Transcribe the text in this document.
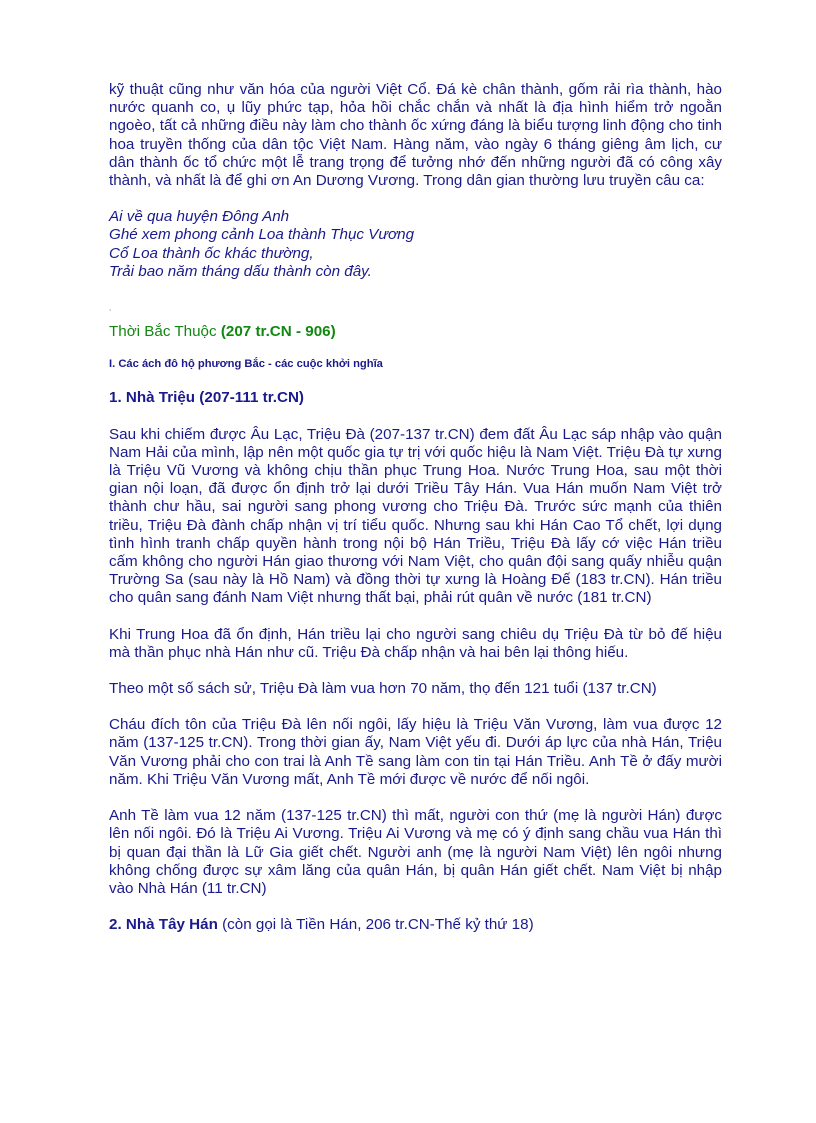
kỹ thuật cũng như văn hóa của người Việt Cổ. Đá kè chân thành, gốm rải rìa thành, hào nước quanh co, ụ lũy phức tạp, hỏa hồi chắc chắn và nhất là địa hình hiểm trở ngoằn ngoèo, tất cả những điều này làm cho thành ốc xứng đáng là biểu tượng linh động cho tinh hoa truyền thống của dân tộc Việt Nam. Hàng năm, vào ngày 6 tháng giêng âm lịch, cư dân thành ốc tổ chức một lễ trang trọng để tưởng nhớ đến những người đã có công xây thành, và nhất là để ghi ơn An Dương Vương. Trong dân gian thường lưu truyền câu ca:

Ai về qua huyện Đông Anh

Ghé xem phong cảnh Loa thành Thục Vương

Cổ Loa thành ốc khác thường,

Trải bao năm tháng dấu thành còn đây.

,
Thời Bắc Thuộc (207 tr.CN - 906)
I. Các ách đô hộ phương Bắc - các cuộc khởi nghĩa
1. Nhà Triệu (207-111 tr.CN)

Sau khi chiếm được Âu Lạc, Triệu Đà (207-137 tr.CN) đem đất Âu Lạc sáp nhập vào quận Nam Hải của mình, lập nên một quốc gia tự trị với quốc hiệu là Nam Việt. Triệu Đà tự xưng là Triệu Vũ Vương và không chịu thần phục Trung Hoa. Nước Trung Hoa, sau một thời gian nội loạn, đã được ổn định trở lại dưới Triều Tây Hán. Vua Hán muốn Nam Việt trở thành chư hầu, sai người sang phong vương cho Triệu Đà. Trước sức mạnh của thiên triều, Triệu Đà đành chấp nhận vị trí tiểu quốc. Nhưng sau khi Hán Cao Tổ chết, lợi dụng tình hình tranh chấp quyền hành trong nội bộ Hán Triều, Triệu Đà lấy cớ việc Hán triều cấm không cho người Hán giao thương với Nam Việt, cho quân đội sang quấy nhiễu quận Trường Sa (sau này là Hồ Nam) và đồng thời tự xưng là Hoàng Đế (183 tr.CN). Hán triều cho quân sang đánh Nam Việt nhưng thất bại, phải rút quân về nước (181 tr.CN)

Khi Trung Hoa đã ổn định, Hán triều lại cho người sang chiêu dụ Triệu Đà từ bỏ đế hiệu mà thần phục nhà Hán như cũ. Triệu Đà chấp nhận và hai bên lại thông hiếu.

Theo một số sách sử, Triệu Đà làm vua hơn 70 năm, thọ đến 121 tuổi (137 tr.CN)

Cháu đích tôn của Triệu Đà lên nối ngôi, lấy hiệu là Triệu Văn Vương, làm vua được 12 năm (137-125 tr.CN). Trong thời gian ấy, Nam Việt yếu đi. Dưới áp lực của nhà Hán, Triệu Văn Vương phải cho con trai là Anh Tề sang làm con tin tại Hán Triều. Anh Tề ở đấy mười năm. Khi Triệu Văn Vương mất, Anh Tề mới được về nước để nối ngôi.

Anh Tề làm vua 12 năm (137-125 tr.CN) thì mất, người con thứ (mẹ là người Hán) được lên nối ngôi. Đó là Triệu Ai Vương. Triệu Ai Vương và mẹ có ý định sang chầu vua Hán thì bị quan đại thần là Lữ Gia giết chết. Người anh (mẹ là người Nam Việt) lên ngôi nhưng không chống được sự xâm lăng của quân Hán, bị quân Hán giết chết. Nam Việt bị nhập vào Nhà Hán (11 tr.CN)

2. Nhà Tây Hán (còn gọi là Tiền Hán, 206 tr.CN-Thế kỷ thứ 18)
